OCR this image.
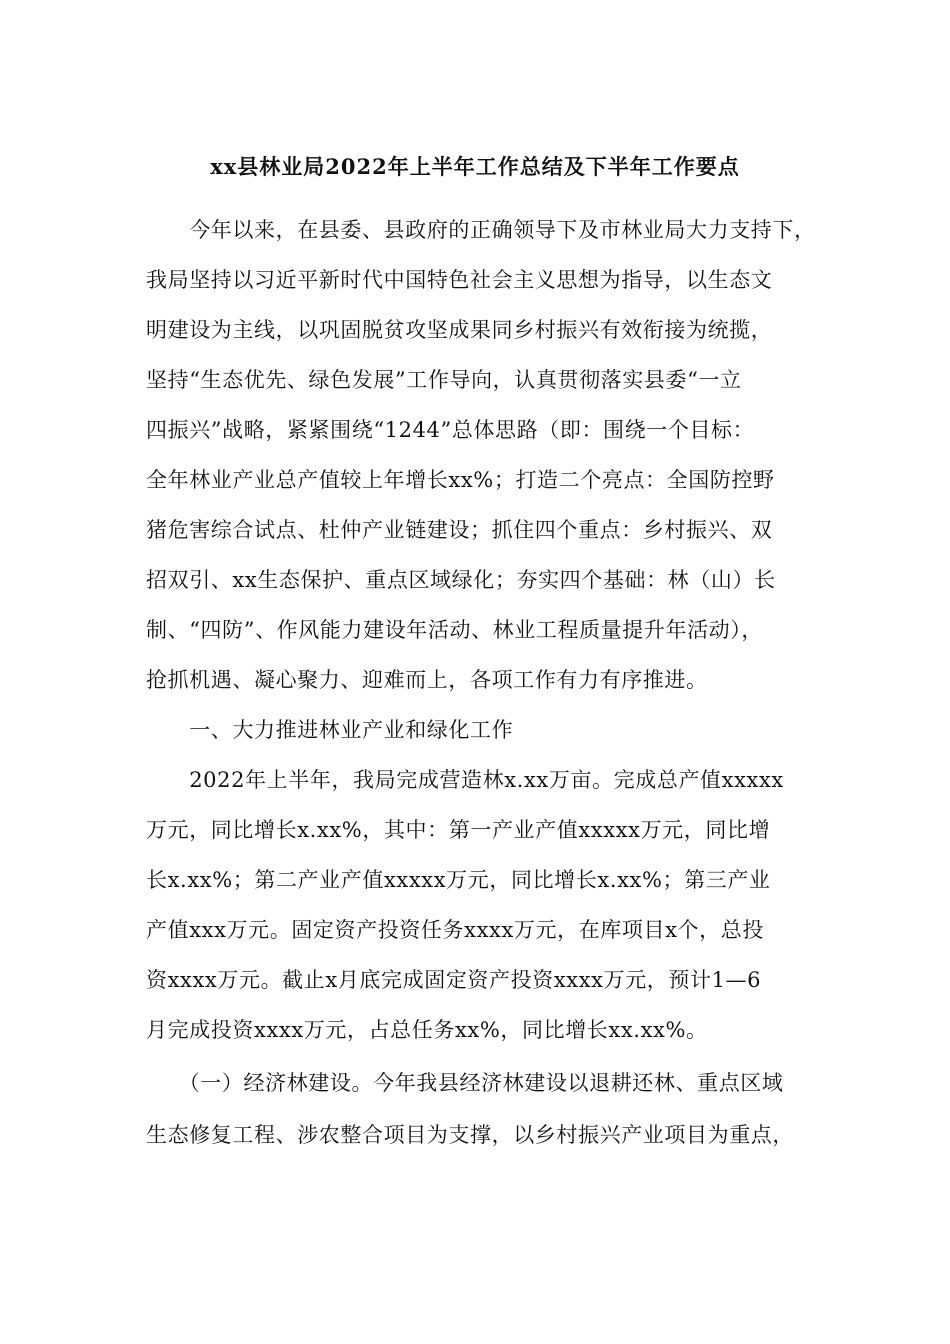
xx县林业局2022年上半年工作总结及下半年工作要点
　　今年以来，在县委、县政府的正确领导下及市林业局大力支持下，
我局坚持以习近平新时代中国特色社会主义思想为指导，以生态文
明建设为主线，以巩固脱贫攻坚成果同乡村振兴有效衔接为统揽，
坚持“生态优先、绿色发展”工作导向，认真贯彻落实县委“一立
四振兴”战略，紧紧围绕“1244”总体思路（即：围绕一个目标：
全年林业产业总产值较上年增长xx%；打造二个亮点：全国防控野
猪危害综合试点、杜仲产业链建设；抓住四个重点：乡村振兴、双
招双引、xx生态保护、重点区域绿化；夯实四个基础：林（山）长
制、“四防”、作风能力建设年活动、林业工程质量提升年活动），
抢抓机遇、凝心聚力、迎难而上，各项工作有力有序推进。
　　一、大力推进林业产业和绿化工作
　　2022年上半年，我局完成营造林x.xx万亩。完成总产值xxxxx
万元，同比增长x.xx%，其中：第一产业产值xxxxx万元，同比增
长x.xx%；第二产业产值xxxxx万元，同比增长x.xx%；第三产业
产值xxx万元。固定资产投资任务xxxx万元，在库项目x个，总投
资xxxx万元。截止x月底完成固定资产投资xxxx万元，预计1—6
月完成投资xxxx万元，占总任务xx%，同比增长xx.xx%。
　　（一）经济林建设。今年我县经济林建设以退耕还林、重点区域
生态修复工程、涉农整合项目为支撑，以乡村振兴产业项目为重点，
